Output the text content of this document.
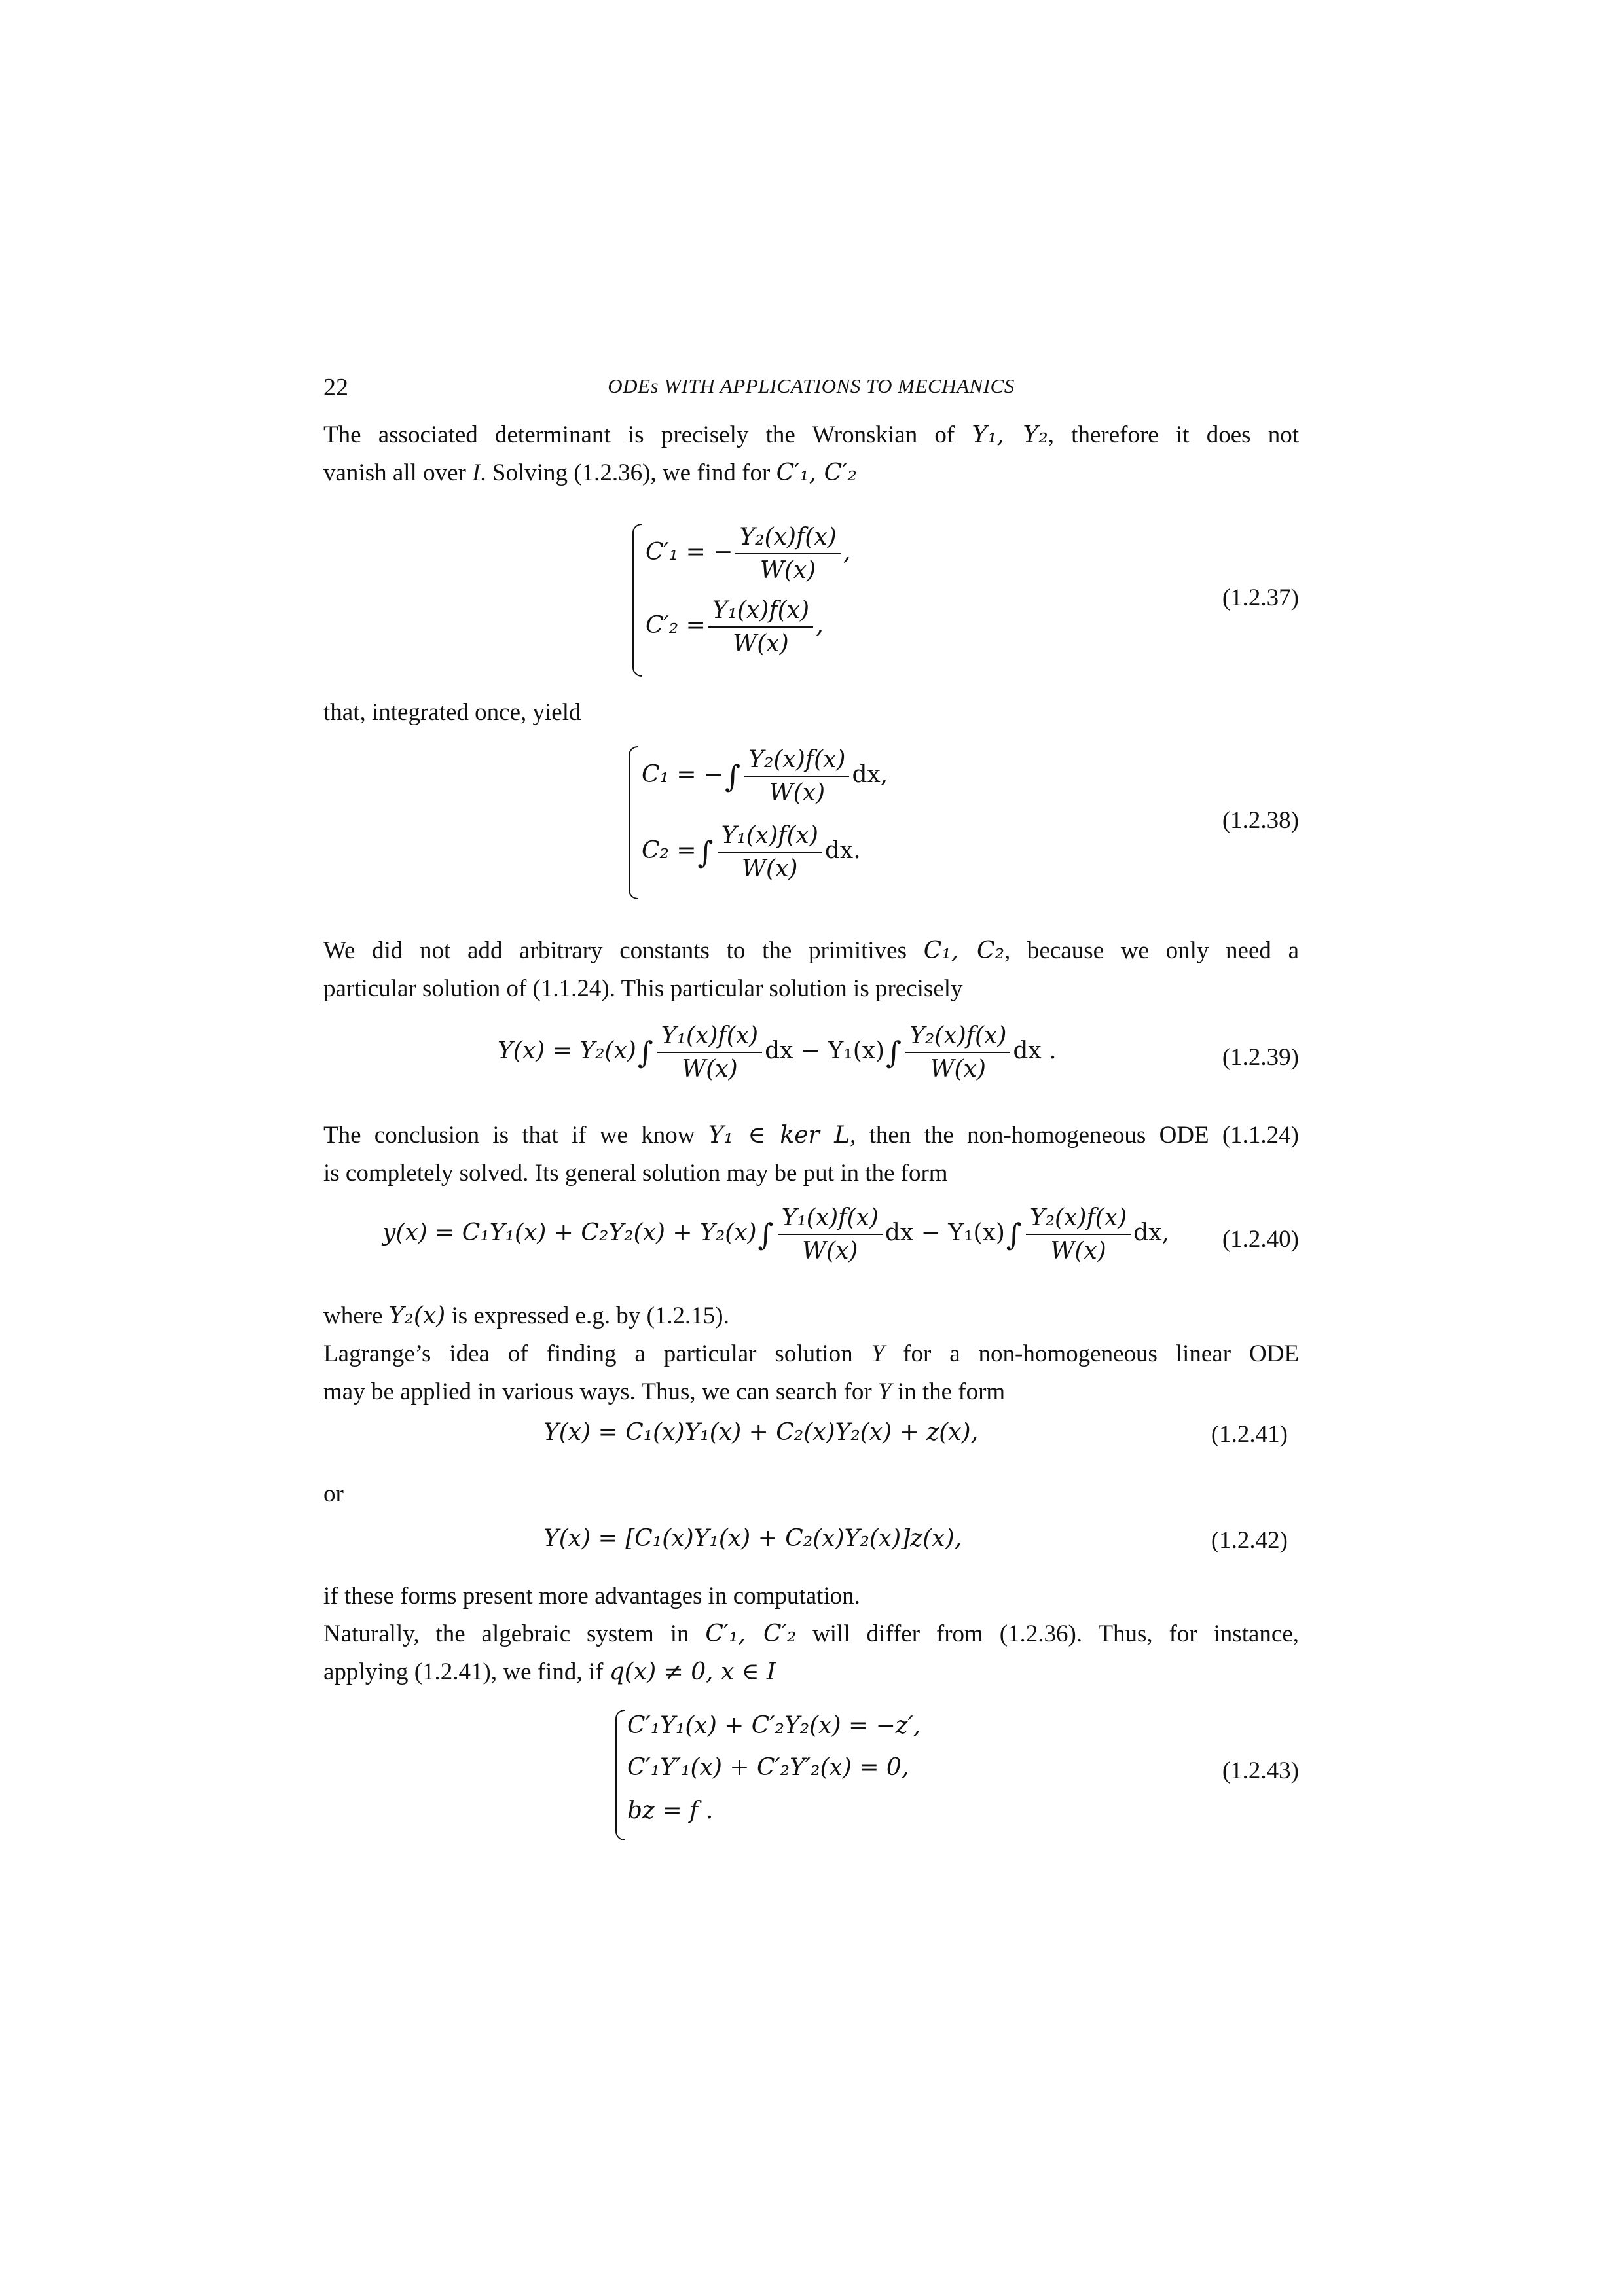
22	ODEs WITH APPLICATIONS TO MECHANICS
The associated determinant is precisely the Wronskian of Y₁, Y₂, therefore it does not
vanish all over I. Solving (1.2.36), we find for C′₁, C′₂
C′₁ = − $\frac{\text{Y₂(x)f(x)}}{W(x)}$ ,
$C'_2 = \frac{\text{Y₁(x)f(x)}}{W(x)}$ ,
(1.2.37)
that, integrated once, yield
C₁ = −∫ $\frac{\text{Y₂(x)f(x)}}{W(x)}$ dx,
C₂ =∫ $\frac{\text{Y₁(x)f(x)}}{W(x)}$ dx.
(1.2.38)
We did not add arbitrary constants to the primitives C₁, C₂, because we only need a
particular solution of (1.1.24). This particular solution is precisely
$Y(x) = Y_2(x)\int \frac{\text{Y₁(x)f(x)}}{W(x)}$ dx − $Y_1(x)\int \frac{\text{Y₂(x)f(x)}}{W(x)}$ dx .	(1.2.39)
The conclusion is that if we know Y₁ ∈ ker L, then the non-homogeneous ODE (1.1.24)
is completely solved. Its general solution may be put in the form
$y(x) = C_1Y_1(x) + C_2Y_2(x) + Y_2(x)\int \frac{\text{Y₁(x)f(x)}}{W(x)}$ dx − $Y_1(x)\int \frac{\text{Y₂(x)f(x)}}{W(x)}$ dx, (1.2.40)
where Y₂(x) is expressed e.g. by (1.2.15).
Lagrange’s idea of finding a particular solution Y for a non-homogeneous linear ODE
may be applied in various ways. Thus, we can search for Y in the form
Y(x) = C₁(x)Y₁(x) + C₂(x)Y₂(x) + z(x),	(1.2.41)
or
Y(x) = [C₁(x)Y₁(x) + C₂(x)Y₂(x)]z(x),	(1.2.42)
if these forms present more advantages in computation.
Naturally, the algebraic system in C′₁, C′₂ will differ from (1.2.36). Thus, for instance,
applying (1.2.41), we find, if q(x) ≠ 0, x ∈ I
C′₁Y₁(x) + C′₂Y₂(x) = −z′,
C′₁Y′₁(x) + C′₂Y′₂(x) = 0,
bz = f .
(1.2.43)
